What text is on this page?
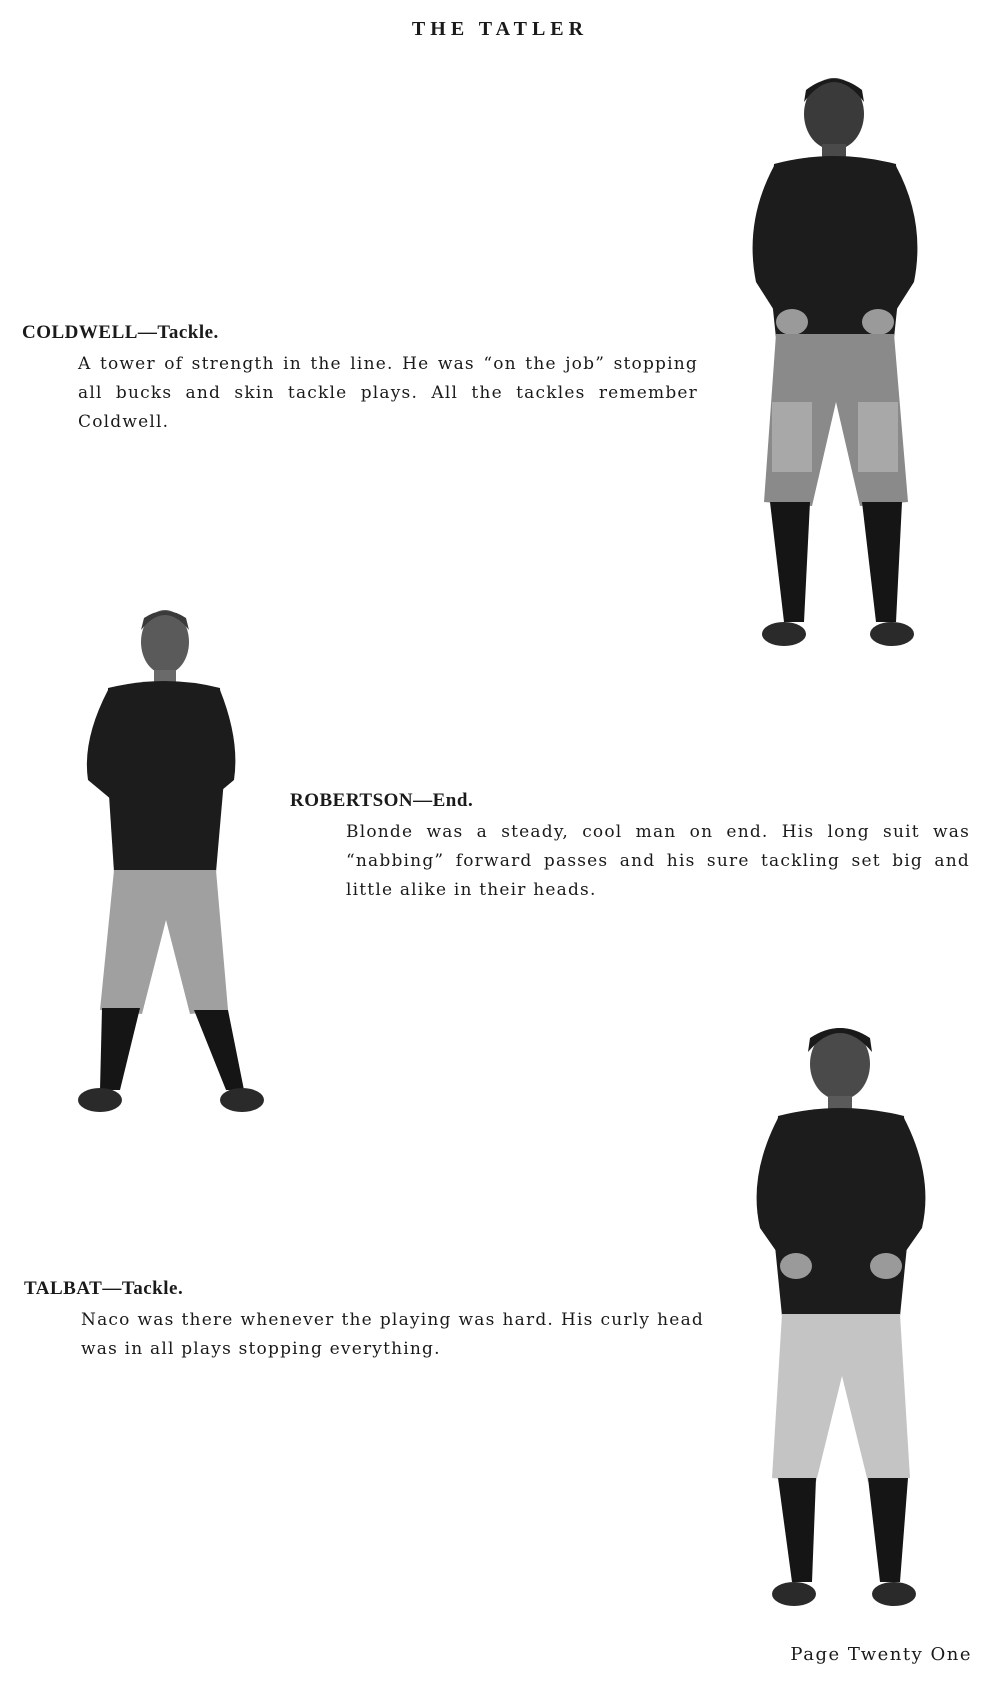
THE TATLER

COLDWELL—Tackle.

A tower of strength in the line. He was “on the job” stopping all bucks and skin tackle plays. All the tackles remember Coldwell.

ROBERTSON—End.

Blonde was a steady, cool man on end. His long suit was “nabbing” forward passes and his sure tackling set big and little alike in their heads.

TALBAT—Tackle.

Naco was there whenever the playing was hard. His curly head was in all plays stopping everything.

Page Twenty One
